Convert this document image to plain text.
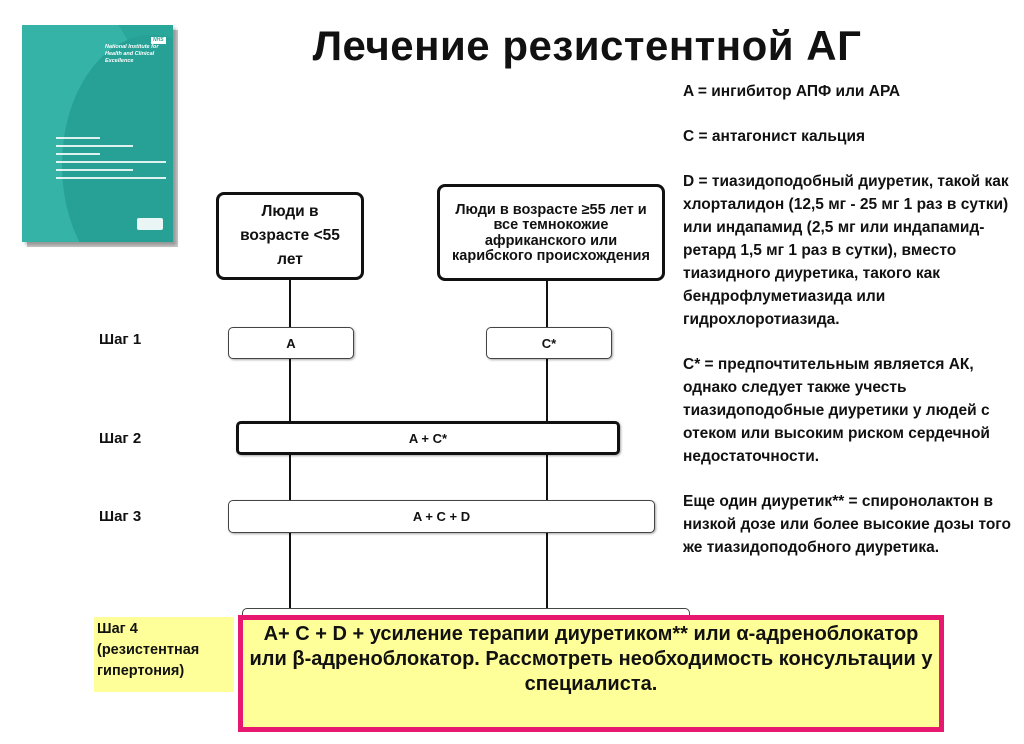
NHS
National Institute for
Health and Clinical Excellence	Лечение резистентной АГ

A = ингибитор АПФ или АРА

C = антагонист кальция

D = тиазидоподобный диуретик, такой как хлорталидон (12,5 мг - 25 мг 1 раз в сутки) или индапамид (2,5 мг или индапамид-ретард 1,5 мг 1 раз в сутки), вместо тиазидного диуретика, такого как бендрофлуметиазида или гидрохлоротиазида.

C* = предпочтительным является АК, однако следует также учесть тиазидоподобные диуретики у людей с отеком или высоким риском сердечной недостаточности.

Еще один диуретик** = спиронолактон в низкой дозе или более высокие дозы того же тиазидоподобного диуретика.

Люди в возрасте <55 лет
Люди в возрасте ≥55 лет и все темнокожие африканского или карибского происхождения
Шаг 1	A	C*
Шаг 2	A + C*
Шаг 3	A + C + D
Шаг 4 (резистентная гипертония)
A+ C + D + усиление терапии диуретиком** или α-адреноблокатор или β-адреноблокатор. Рассмотреть необходимость консультации у специалиста.
